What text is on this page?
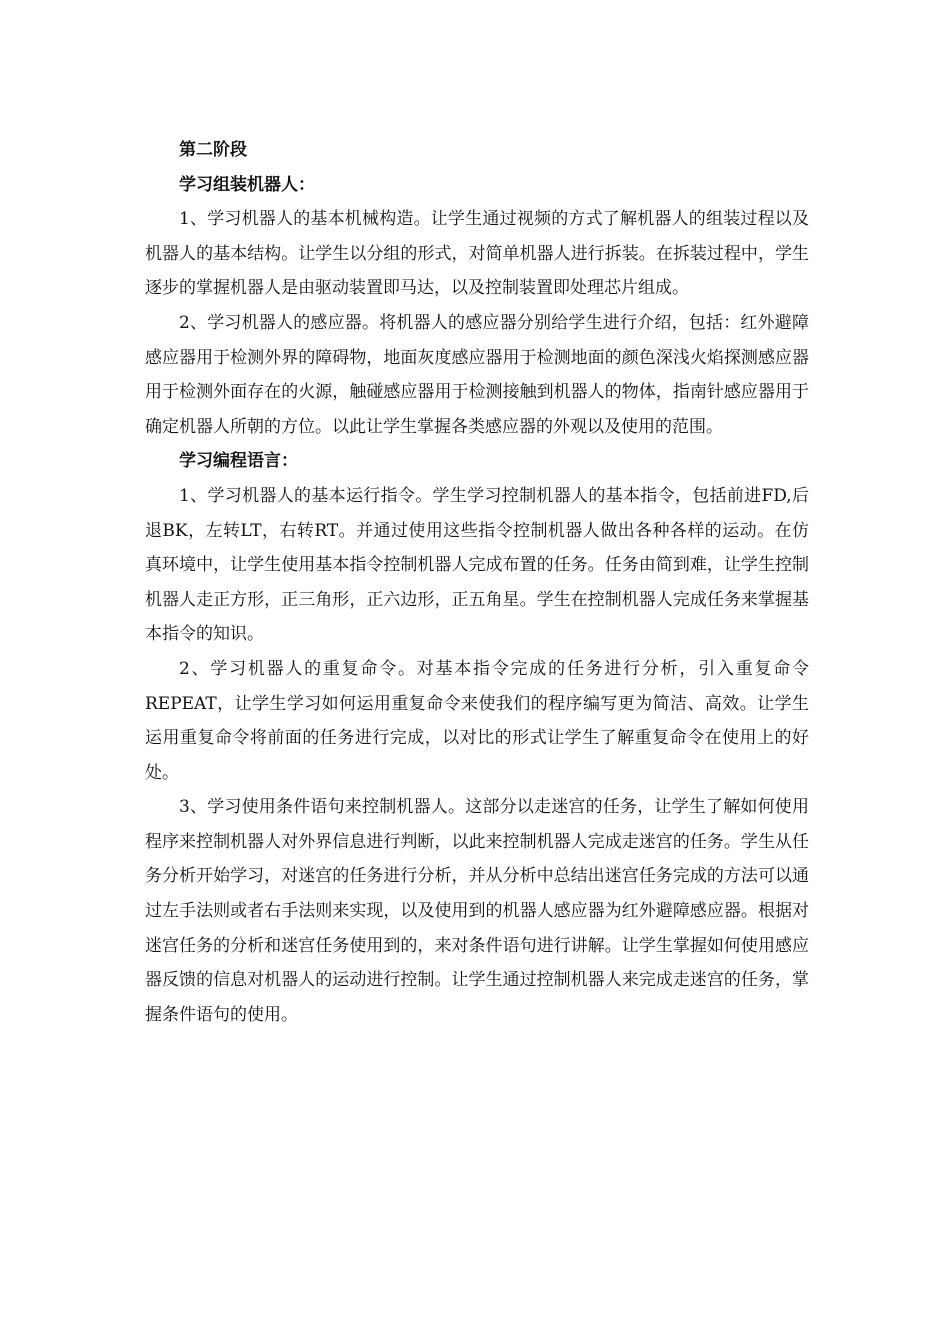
第二阶段
学习组装机器人：

1、学习机器人的基本机械构造。让学生通过视频的方式了解机器人的组装过程以及机器人的基本结构。让学生以分组的形式，对简单机器人进行拆装。在拆装过程中，学生逐步的掌握机器人是由驱动装置即马达，以及控制装置即处理芯片组成。

2、学习机器人的感应器。将机器人的感应器分别给学生进行介绍，包括：红外避障感应器用于检测外界的障碍物，地面灰度感应器用于检测地面的颜色深浅火焰探测感应器用于检测外面存在的火源，触碰感应器用于检测接触到机器人的物体，指南针感应器用于确定机器人所朝的方位。以此让学生掌握各类感应器的外观以及使用的范围。

学习编程语言：

1、学习机器人的基本运行指令。学生学习控制机器人的基本指令，包括前进FD,后退BK，左转LT，右转RT。并通过使用这些指令控制机器人做出各种各样的运动。在仿真环境中，让学生使用基本指令控制机器人完成布置的任务。任务由简到难，让学生控制机器人走正方形，正三角形，正六边形，正五角星。学生在控制机器人完成任务来掌握基本指令的知识。

2、学习机器人的重复命令。对基本指令完成的任务进行分析，引入重复命令REPEAT，让学生学习如何运用重复命令来使我们的程序编写更为简洁、高效。让学生运用重复命令将前面的任务进行完成，以对比的形式让学生了解重复命令在使用上的好处。

3、学习使用条件语句来控制机器人。这部分以走迷宫的任务，让学生了解如何使用程序来控制机器人对外界信息进行判断，以此来控制机器人完成走迷宫的任务。学生从任务分析开始学习，对迷宫的任务进行分析，并从分析中总结出迷宫任务完成的方法可以通过左手法则或者右手法则来实现，以及使用到的机器人感应器为红外避障感应器。根据对迷宫任务的分析和迷宫任务使用到的，来对条件语句进行讲解。让学生掌握如何使用感应器反馈的信息对机器人的运动进行控制。让学生通过控制机器人来完成走迷宫的任务，掌握条件语句的使用。
